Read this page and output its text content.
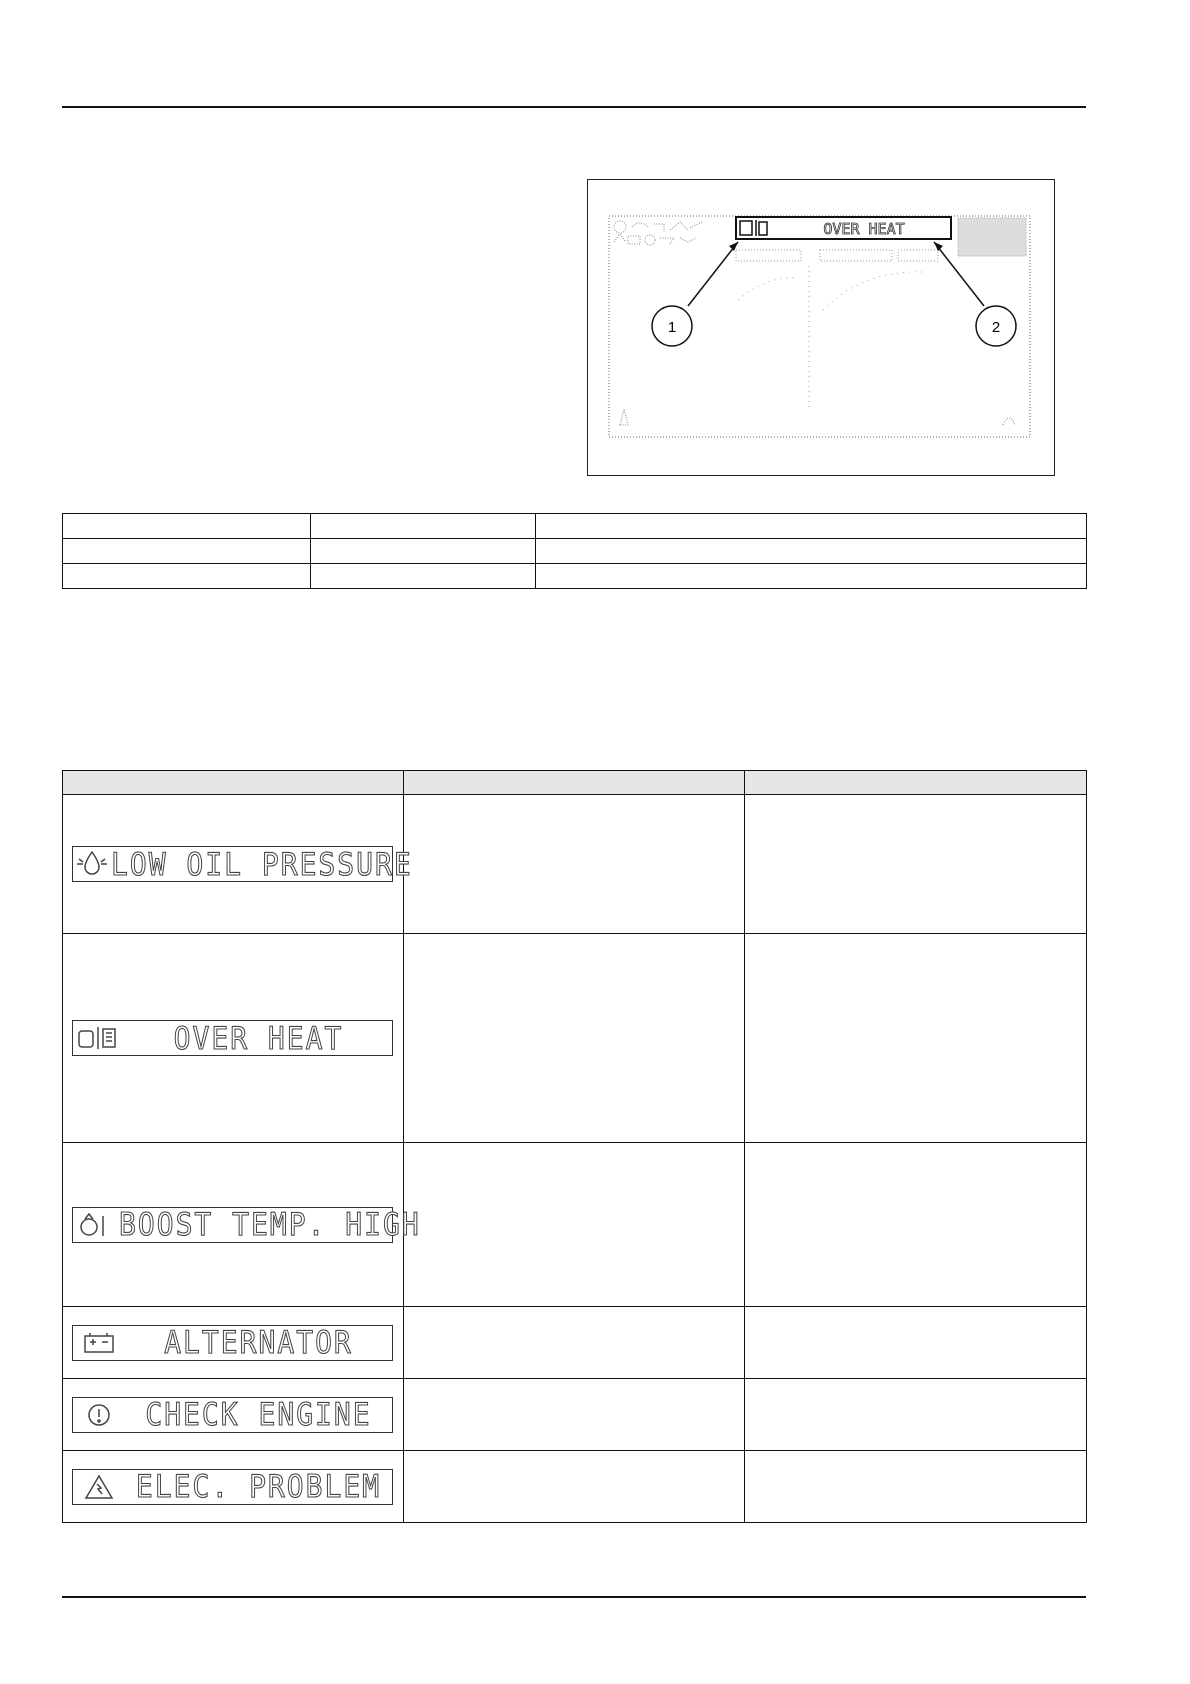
OVER HEAT
1	2

LOW OIL PRESSURE		

OVER HEAT		

BOOST TEMP. HIGH		

ALTERNATOR		

CHECK ENGINE		

ELEC. PROBLEM		
